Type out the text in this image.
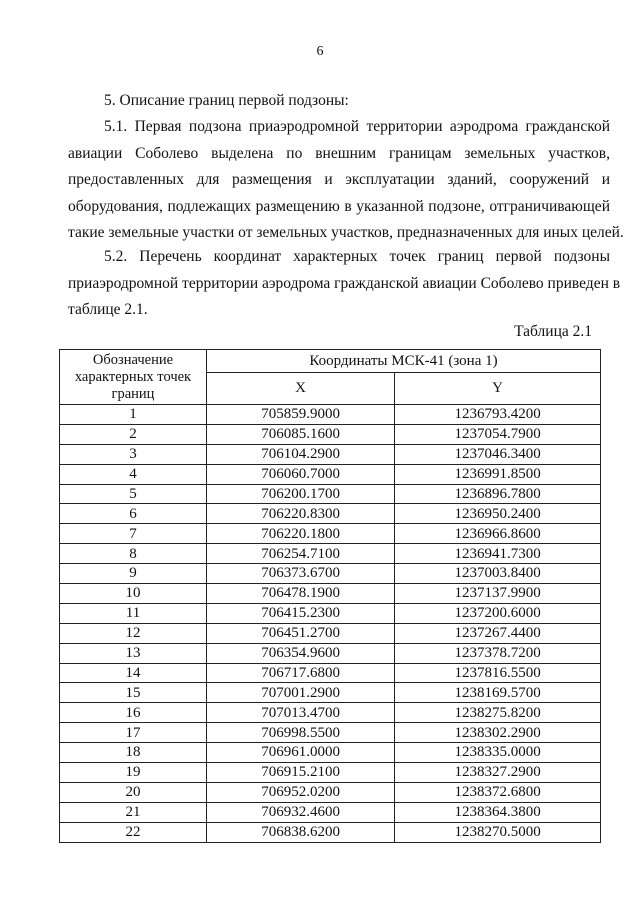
6
5. Описание границ первой подзоны:
5.1. Первая подзона приаэродромной территории аэродрома гражданской
авиации Соболево выделена по внешним границам земельных участков,
предоставленных для размещения и эксплуатации зданий, сооружений и
оборудования, подлежащих размещению в указанной подзоне, отграничивающей
такие земельные участки от земельных участков, предназначенных для иных целей.
5.2. Перечень координат характерных точек границ первой подзоны
приаэродромной территории аэродрома гражданской авиации Соболево приведен в
таблице 2.1.
Таблица 2.1
Обозначение характерных точек границ	Координаты МСК-41 (зона 1)	
	X	Y
1	705859.9000	1236793.4200
2	706085.1600	1237054.7900
3	706104.2900	1237046.3400
4	706060.7000	1236991.8500
5	706200.1700	1236896.7800
6	706220.8300	1236950.2400
7	706220.1800	1236966.8600
8	706254.7100	1236941.7300
9	706373.6700	1237003.8400
10	706478.1900	1237137.9900
11	706415.2300	1237200.6000
12	706451.2700	1237267.4400
13	706354.9600	1237378.7200
14	706717.6800	1237816.5500
15	707001.2900	1238169.5700
16	707013.4700	1238275.8200
17	706998.5500	1238302.2900
18	706961.0000	1238335.0000
19	706915.2100	1238327.2900
20	706952.0200	1238372.6800
21	706932.4600	1238364.3800
22	706838.6200	1238270.5000
